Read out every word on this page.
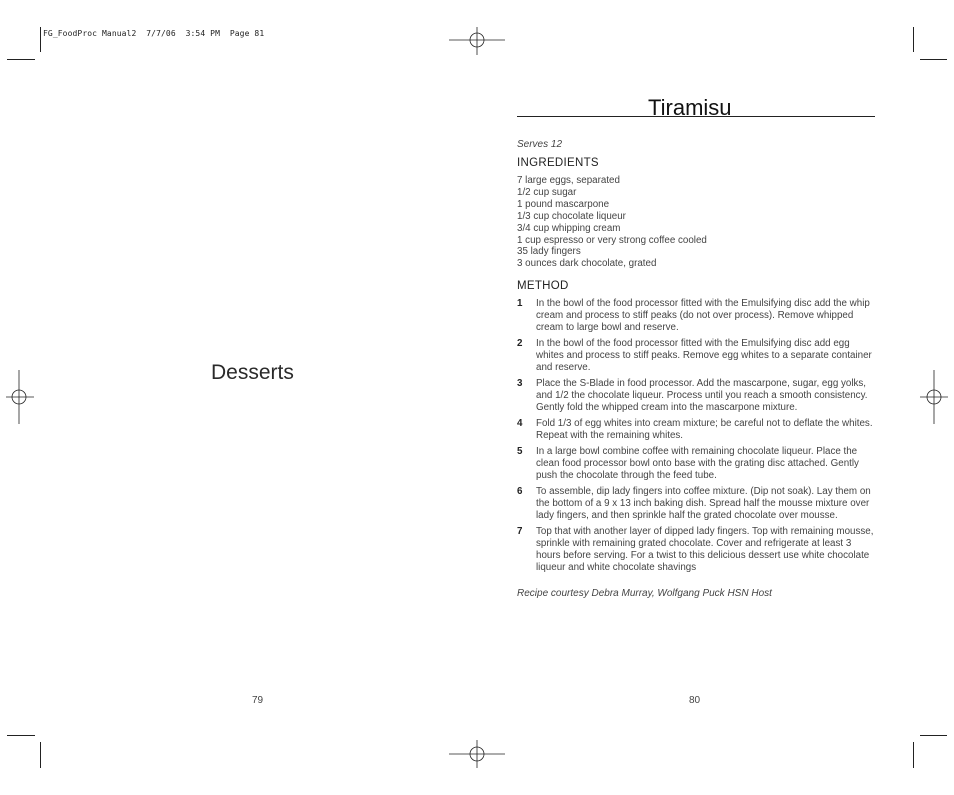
FG_FoodProc Manual2  7/7/06  3:54 PM  Page 81
Desserts
79
Tiramisu
Serves 12
INGREDIENTS
7 large eggs, separated
1/2 cup sugar
1 pound mascarpone
1/3 cup chocolate liqueur
3/4 cup whipping cream
1 cup espresso or very strong coffee cooled
35 lady fingers
3 ounces dark chocolate, grated
METHOD
1	In the bowl of the food processor fitted with the Emulsifying disc add the whip cream and process to stiff peaks (do not over process). Remove whipped cream to large bowl and reserve.
2	In the bowl of the food processor fitted with the Emulsifying disc add egg whites and process to stiff peaks. Remove egg whites to a separate container and reserve.
3	Place the S-Blade in food processor. Add the mascarpone, sugar, egg yolks, and 1/2 the chocolate liqueur. Process until you reach a smooth consistency. Gently fold the whipped cream into the mascarpone mixture.
4	Fold 1/3 of egg whites into cream mixture; be careful not to deflate the whites. Repeat with the remaining whites.
5	In a large bowl combine coffee with remaining chocolate liqueur. Place the clean food processor bowl onto base with the grating disc attached. Gently push the chocolate through the feed tube.
6	To assemble, dip lady fingers into coffee mixture. (Dip not soak). Lay them on the bottom of a 9 x 13 inch baking dish. Spread half the mousse mixture over lady fingers, and then sprinkle half the grated chocolate over mousse.
7	Top that with another layer of dipped lady fingers. Top with remaining mousse, sprinkle with remaining grated chocolate. Cover and refrigerate at least 3 hours before serving. For a twist to this delicious dessert use white chocolate liqueur and white chocolate shavings
Recipe courtesy Debra Murray, Wolfgang Puck HSN Host
80
